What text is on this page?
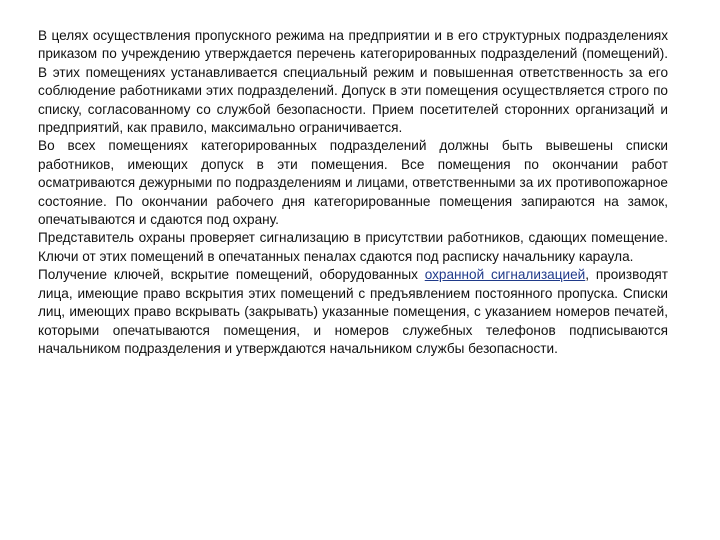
В целях осуществления пропускного режима на предприятии и в его структурных подразделениях приказом по учреждению утверждается перечень категорированных подразделений (помещений). В этих помещениях устанавливается специальный режим и повышенная ответственность за его соблюдение работниками этих подразделений. Допуск в эти помещения осуществляется строго по списку, согласованному со службой безопасности. Прием посетителей сторонних организаций и предприятий, как правило, максимально ограничивается.

Во всех помещениях категорированных подразделений должны быть вывешены списки работников, имеющих допуск в эти помещения. Все помещения по окончании работ осматриваются дежурными по подразделениям и лицами, ответственными за их противопожарное состояние. По окончании рабочего дня категорированные помещения запираются на замок, опечатываются и сдаются под охрану.

Представитель охраны проверяет сигнализацию в присутствии работников, сдающих помещение. Ключи от этих помещений в опечатанных пеналах сдаются под расписку начальнику караула.

Получение ключей, вскрытие помещений, оборудованных охранной сигнализацией, производят лица, имеющие право вскрытия этих помещений с предъявлением постоянного пропуска. Списки лиц, имеющих право вскрывать (закрывать) указанные помещения, с указанием номеров печатей, которыми опечатываются помещения, и номеров служебных телефонов подписываются начальником подразделения и утверждаются начальником службы безопасности.
